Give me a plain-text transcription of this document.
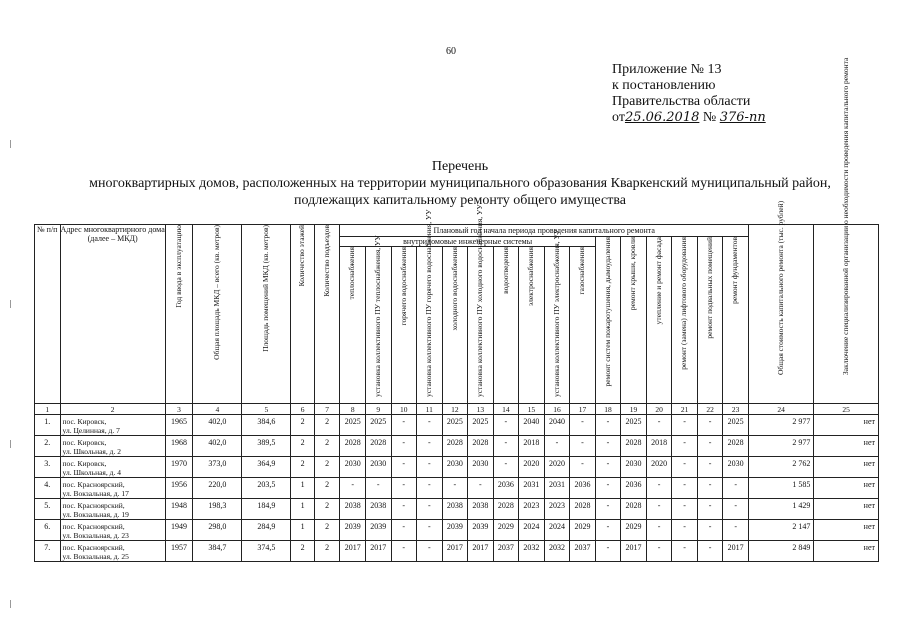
60
Приложение № 13
к постановлению
Правительства области
от25.06.2018 № 376-пп
Перечень
многоквартирных домов, расположенных на территории муниципального образования Кваркенский муниципальный район,
подлежащих капитальному ремонту общего имущества
№ п/п	Адрес многоквартирного дома (далее – МКД)	Год ввода в эксплуатацию	Общая площадь МКД – всего (кв. метров)	Площадь помещений МКД (кв. метров)	Количество этажей	Количество подъездов	Плановый год начала периода проведения капитального ремонта																Общая стоимость капитального ремонта (тыс. рублей)	Заключение специализированной организации о необходимости проведения капитального ремонта
							внутридомовые инженерные системы										ремонт систем пожаротушения, дымоудаления	ремонт крыши, кровли	утепление и ремонт фасада	ремонт (замена) лифтового оборудования	ремонт подвальных помещений	ремонт фундаментов		
							теплоснабжения	установка коллективного ПУ теплоснабжения, УУ	горячего водоснабжения	установка коллективного ПУ горячего водоснабжения, УУ	холодного водоснабжения	установка коллективного ПУ холодного водоснабжения, УУ	водоотведения	электроснабжения	установка коллективного ПУ электроснабжения, УУ	газоснабжения								
1	2	3	4	5	6	7	8	9	10	11	12	13	14	15	16	17	18	19	20	21	22	23	24	25
1.	пос. Кировск,
ул. Целинная, д. 7	1965	402,0	384,6	2	2	2025	2025	-	-	2025	2025	-	2040	2040	-	-	2025	-	-	-	2025	2 977	нет
2.	пос. Кировск,
ул. Школьная, д. 2	1968	402,0	389,5	2	2	2028	2028	-	-	2028	2028	-	2018	-	-	-	2028	2018	-	-	2028	2 977	нет
3.	пос. Кировск,
ул. Школьная, д. 4	1970	373,0	364,9	2	2	2030	2030	-	-	2030	2030	-	2020	2020	-	-	2030	2020	-	-	2030	2 762	нет
4.	пос. Красноярский,
ул. Вокзальная, д. 17	1956	220,0	203,5	1	2	-	-	-	-	-	-	2036	2031	2031	2036	-	2036	-	-	-	-	1 585	нет
5.	пос. Красноярский,
ул. Вокзальная, д. 19	1948	198,3	184,9	1	2	2038	2038	-	-	2038	2038	2028	2023	2023	2028	-	2028	-	-	-	-	1 429	нет
6.	пос. Красноярский,
ул. Вокзальная, д. 23	1949	298,0	284,9	1	2	2039	2039	-	-	2039	2039	2029	2024	2024	2029	-	2029	-	-	-	-	2 147	нет
7.	пос. Красноярский,
ул. Вокзальная, д. 25	1957	384,7	374,5	2	2	2017	2017	-	-	2017	2017	2037	2032	2032	2037	-	2017	-	-	-	2017	2 849	нет
